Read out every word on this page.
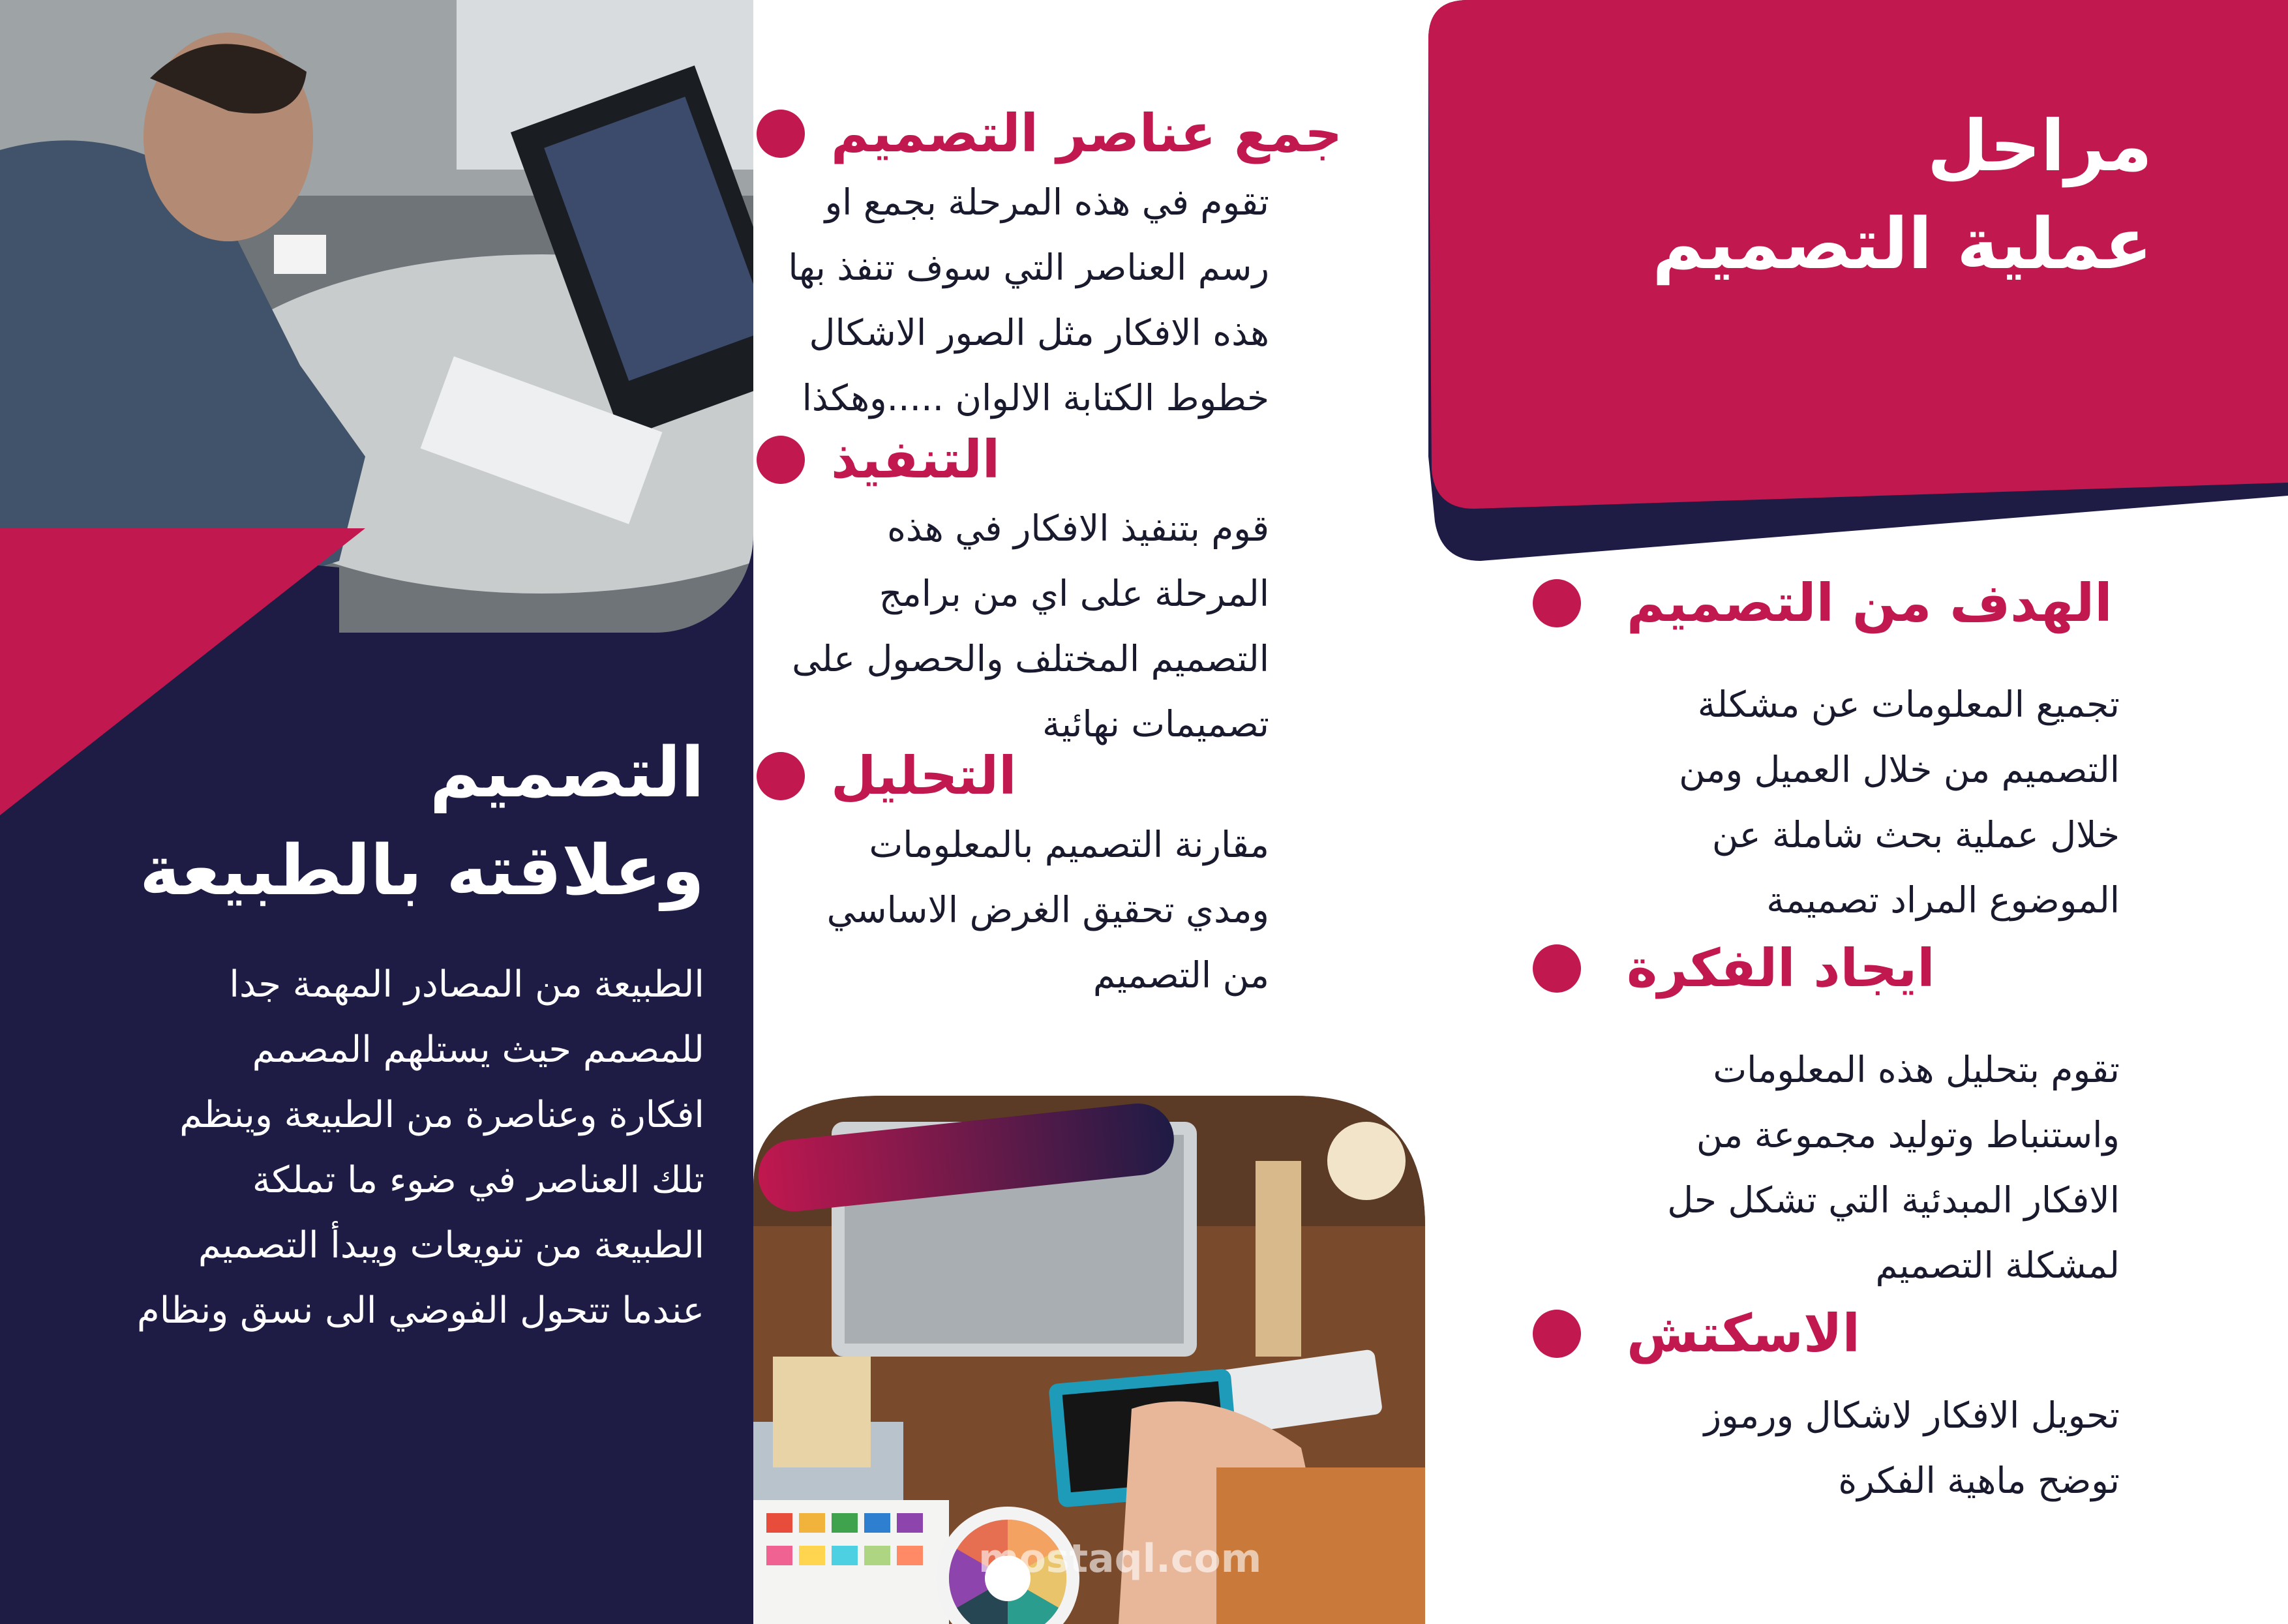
التصميم
وعلاقته بالطبيعة
الطبيعة من المصادر المهمة جدا
للمصمم حيث يستلهم المصمم
افكارة وعناصرة من الطبيعة وينظم
تلك العناصر في ضوء ما تملكة
الطبيعة من تنويعات ويبدأ التصميم
عندما تتحول الفوضي الى نسق ونظام
جمع عناصر التصميم

تقوم في هذه المرحلة بجمع او

رسم العناصر التي سوف تنفذ بها

هذه الافكار مثل الصور الاشكال

خطوط الكتابة الالوان .....وهكذا

التنفيذ

قوم بتنفيذ الافكار في هذه

المرحلة على اي من برامج

التصميم المختلف والحصول على

تصميمات نهائية

التحليل

مقارنة التصميم بالمعلومات

ومدي تحقيق الغرض الاساسي

من التصميم

mostaql.com
مراحل
عملية التصميم
الهدف من التصميم

تجميع المعلومات عن مشكلة

التصميم من خلال العميل ومن

خلال عملية بحث شاملة عن

الموضوع المراد تصميمة

ايجاد الفكرة

تقوم بتحليل هذه المعلومات

واستنباط وتوليد مجموعة من

الافكار المبدئية التي تشكل حل

لمشكلة التصميم

الاسكتش

تحويل الافكار لاشكال ورموز

توضح ماهية الفكرة
